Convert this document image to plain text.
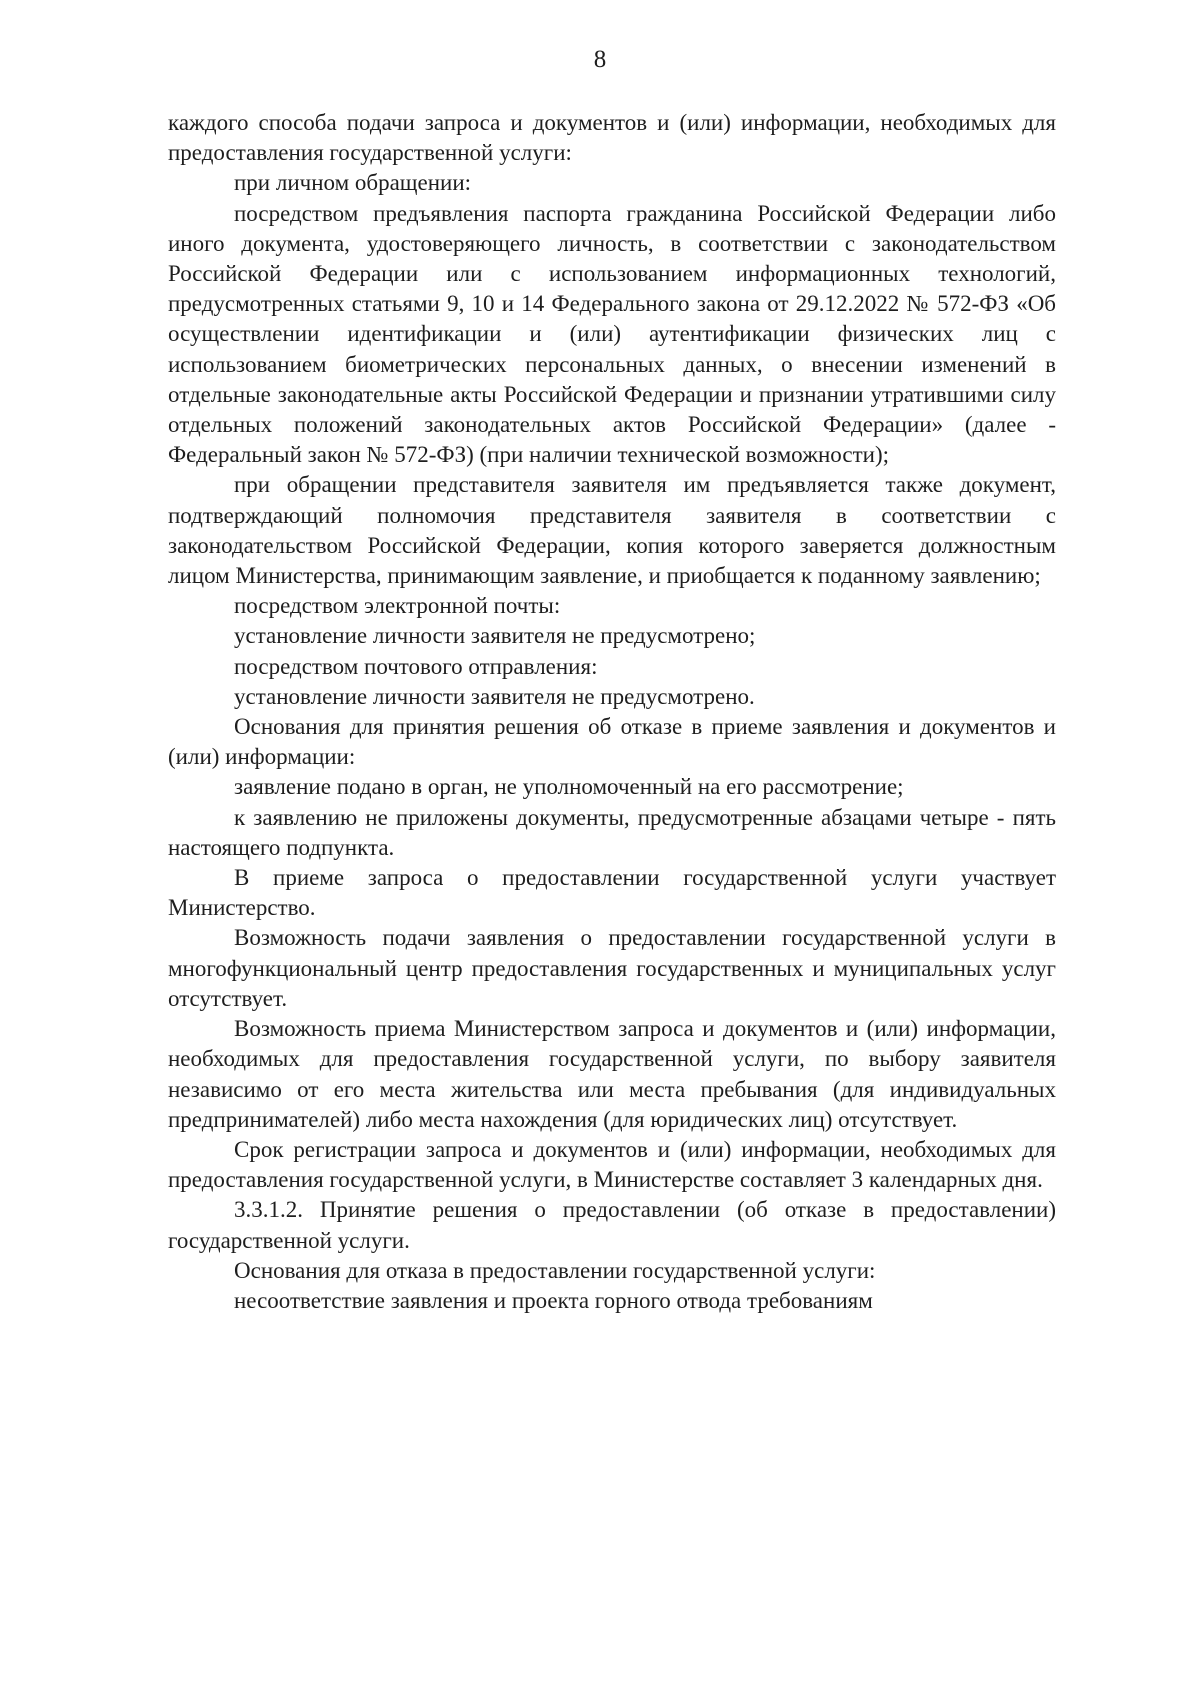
8

каждого способа подачи запроса и документов и (или) информации, необходимых для предоставления государственной услуги:

при личном обращении:

посредством предъявления паспорта гражданина Российской Федерации либо иного документа, удостоверяющего личность, в соответствии с законодательством Российской Федерации или с использованием информационных технологий, предусмотренных статьями 9, 10 и 14 Федерального закона от 29.12.2022 № 572-ФЗ «Об осуществлении идентификации и (или) аутентификации физических лиц с использованием биометрических персональных данных, о внесении изменений в отдельные законодательные акты Российской Федерации и признании утратившими силу отдельных положений законодательных актов Российской Федерации» (далее - Федеральный закон № 572-ФЗ) (при наличии технической возможности);

при обращении представителя заявителя им предъявляется также документ, подтверждающий полномочия представителя заявителя в соответствии с законодательством Российской Федерации, копия которого заверяется должностным лицом Министерства, принимающим заявление, и приобщается к поданному заявлению;

посредством электронной почты:

установление личности заявителя не предусмотрено;

посредством почтового отправления:

установление личности заявителя не предусмотрено.

Основания для принятия решения об отказе в приеме заявления и документов и (или) информации:

заявление подано в орган, не уполномоченный на его рассмотрение;

к заявлению не приложены документы, предусмотренные абзацами четыре - пять настоящего подпункта.

В приеме запроса о предоставлении государственной услуги участвует Министерство.

Возможность подачи заявления о предоставлении государственной услуги в многофункциональный центр предоставления государственных и муниципальных услуг отсутствует.

Возможность приема Министерством запроса и документов и (или) информации, необходимых для предоставления государственной услуги, по выбору заявителя независимо от его места жительства или места пребывания (для индивидуальных предпринимателей) либо места нахождения (для юридических лиц) отсутствует.

Срок регистрации запроса и документов и (или) информации, необходимых для предоставления государственной услуги, в Министерстве составляет 3 календарных дня.

3.3.1.2. Принятие решения о предоставлении (об отказе в предоставлении) государственной услуги.

Основания для отказа в предоставлении государственной услуги:

несоответствие заявления и проекта горного отвода требованиям
